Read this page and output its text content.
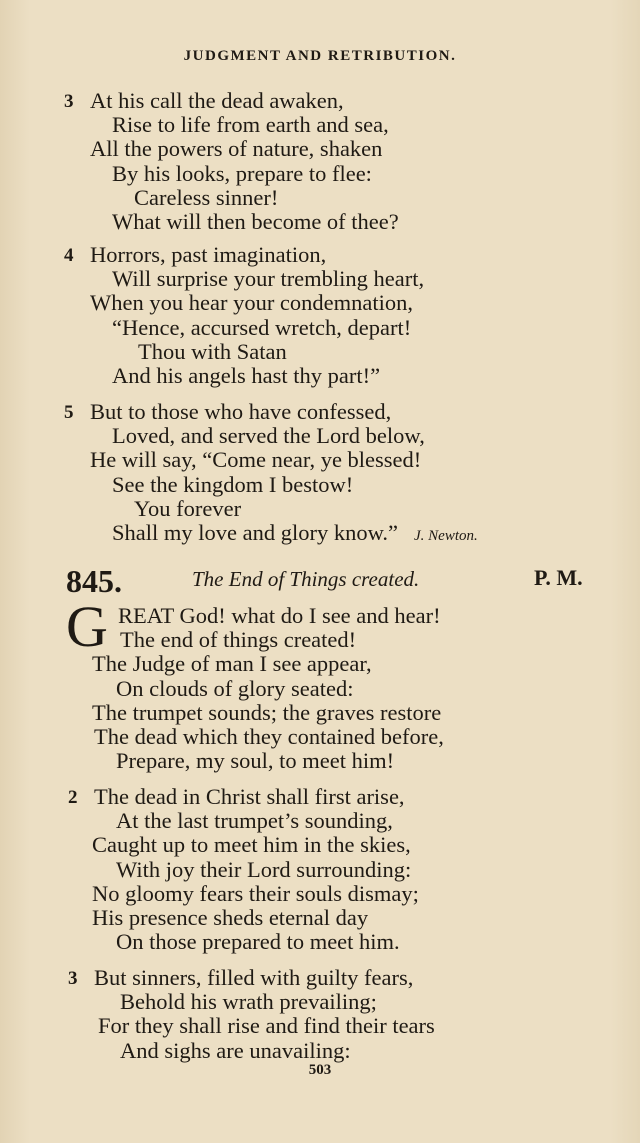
JUDGMENT AND RETRIBUTION.
3 At his call the dead awaken,
Rise to life from earth and sea,
All the powers of nature, shaken
By his looks, prepare to flee:
Careless sinner!
What will then become of thee?
4 Horrors, past imagination,
Will surprise your trembling heart,
When you hear your condemnation,
“Hence, accursed wretch, depart!
Thou with Satan
And his angels hast thy part!”
5 But to those who have confessed,
Loved, and served the Lord below,
He will say, “Come near, ye blessed!
See the kingdom I bestow!
You forever
Shall my love and glory know.” J. Newton.
845.	The End of Things created.	P. M.
G REAT God! what do I see and hear!
The end of things created!
The Judge of man I see appear,
On clouds of glory seated:
The trumpet sounds; the graves restore
The dead which they contained before,
Prepare, my soul, to meet him!
2 The dead in Christ shall first arise,
At the last trumpet’s sounding,
Caught up to meet him in the skies,
With joy their Lord surrounding:
No gloomy fears their souls dismay;
His presence sheds eternal day
On those prepared to meet him.
3 But sinners, filled with guilty fears,
Behold his wrath prevailing;
For they shall rise and find their tears
And sighs are unavailing:
503
